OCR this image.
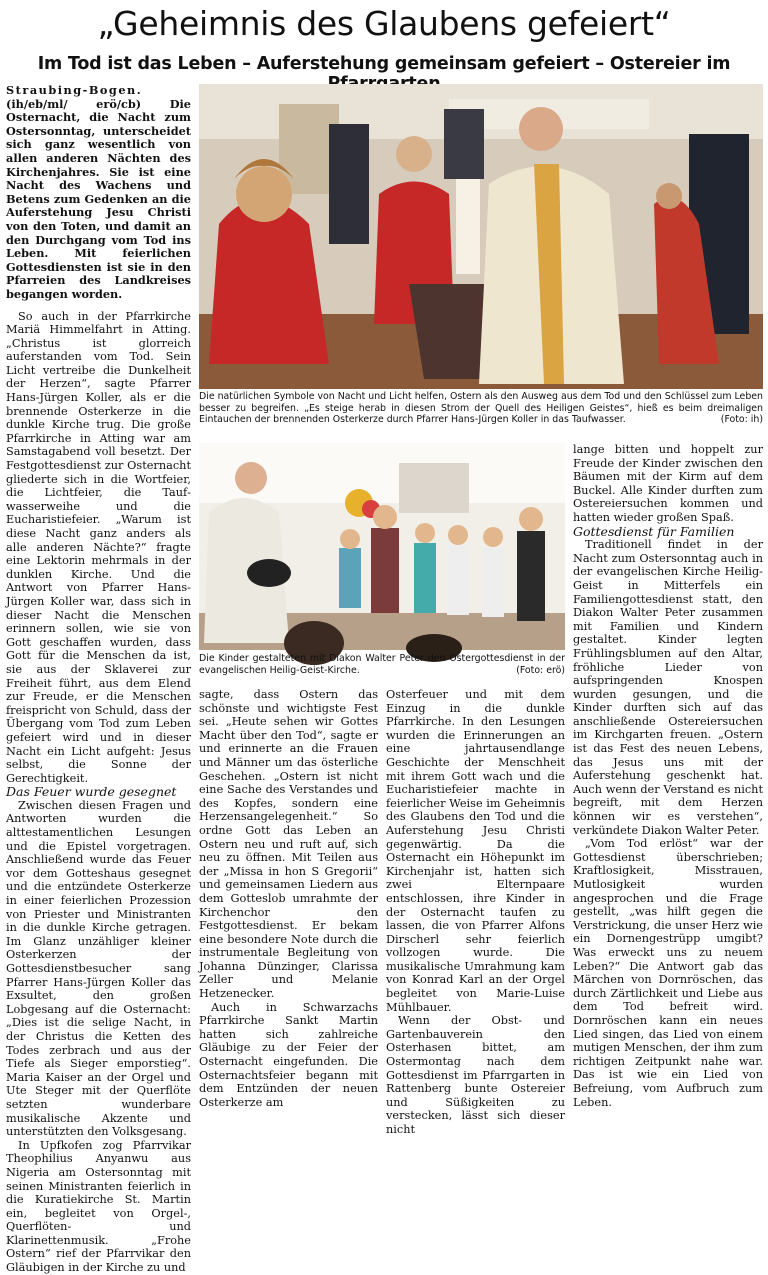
„Geheimnis des Glaubens gefeiert“
Im Tod ist das Leben – Auferstehung gemeinsam gefeiert – Ostereier im

Straubing-Bogen. (ih/eb/ml/ erö/cb) Die Osternacht, die Nacht zum Ostersonntag, unterscheidet sich ganz wesentlich von allen anderen Nächten des Kirchenjahres. Sie ist eine Nacht des Wachens und Betens zum Gedenken an die Auferstehung Jesu Christi von den Toten, und damit an den Durchgang vom Tod ins Leben. Mit feierlichen Gottesdiensten ist sie in den Pfarreien des Landkreises begangen worden.

So auch in der Pfarrkirche Mariä Himmelfahrt in Atting. „Christus ist glorreich auferstanden vom Tod. Sein Licht vertreibe die Dunkelheit der Herzen“, sagte Pfarrer Hans-Jürgen Koller, als er die brennende Osterkerze in die dunkle Kirche trug. Die große Pfarrkirche in Atting war am Samstagabend voll besetzt. Der Festgottesdienst zur Osternacht gliederte sich in die Wortfeier, die Lichtfeier, die Taufwasserweihe und die Eucharistiefeier. „Warum ist diese Nacht ganz anders als alle anderen Nächte?“ fragte eine Lektorin mehrmals in der dunklen Kirche. Und die Antwort von Pfarrer Hans-Jürgen Koller war, dass sich in dieser Nacht die Menschen erinnern sollen, wie sie von Gott geschaffen wurden, dass Gott für die Menschen da ist, sie aus der Sklaverei zur Freiheit führt, aus dem Elend zur Freude, er die Menschen freispricht von Schuld, dass der Übergang vom Tod zum Leben gefeiert wird und in dieser Nacht ein Licht aufgeht: Jesus selbst, die Sonne der Gerechtigkeit.

Das Feuer wurde gesegnet

Zwischen diesen Fragen und Antworten wurden die alttestamentlichen Lesungen und die Epistel vorgetragen. Anschließend wurde das Feuer vor dem Gotteshaus gesegnet und die entzündete Osterkerze in einer feierlichen Prozession von Priester und Ministranten in die dunkle Kirche getragen. Im Glanz unzähliger kleiner Osterkerzen der Gottesdienstbesucher sang Pfarrer Hans-Jürgen Koller das Exsultet, den großen Lobgesang auf die Osternacht: „Dies ist die selige Nacht, in der Christus die Ketten des Todes zerbrach und aus der Tiefe als Sieger emporstieg“. Maria Kaiser an der Orgel und Ute Steger mit der Querflöte setzten wunderbare musikalische Akzente und unterstützten den Volksgesang.

In Upfkofen zog Pfarrvikar Theophilius Anyanwu aus Nigeria am Ostersonntag mit seinen Ministranten feierlich in die Kuratiekirche St. Martin ein, begleitet von Orgel-, Querflöten- und Klarinettenmusik. „Frohe Ostern“ rief der Pfarrvikar den Gläubigen in der Kirche zu und

Die natürlichen Symbole von Nacht und Licht helfen, Ostern als den Ausweg aus dem Tod und den Schlüssel zum Leben besser zu begreifen. „Es steige herab in diesen Strom der Quell des Heiligen Geistes“, hieß es beim dreimaligen Eintauchen der brennenden Osterkerze durch Pfarrer Hans-Jürgen Koller in das Taufwasser.	(Foto: ih)
Die Kinder gestalteten mit Diakon Walter Peter den Ostergottesdienst in der evangelischen Heilig-Geist-Kirche.	(Foto: erö)

lange bitten und hoppelt zur Freude der Kinder zwischen den Bäumen mit der Kirm auf dem Buckel. Alle Kinder durften zum Ostereiersuchen kommen und hatten wieder großen Spaß.

Gottesdienst für Familien

Traditionell findet in der Nacht zum Ostersonntag auch in der evangelischen Kirche Heilig-Geist in Mitterfels ein Familiengottesdienst statt, den Diakon Walter Peter zusammen mit Familien und Kindern gestaltet. Kinder legten Frühlingsblumen auf den Altar, fröhliche Lieder von aufspringenden Knospen wurden gesungen, und die Kinder durften sich auf das anschließende Ostereiersuchen im Kirchgarten freuen. „Ostern ist das Fest des neuen Lebens, das Jesus uns mit der Auferstehung geschenkt hat. Auch wenn der Verstand es nicht begreift, mit dem Herzen können wir es verstehen“, verkündete Diakon Walter Peter.

„Vom Tod erlöst“ war der Gottesdienst überschrieben; Kraftlosigkeit, Misstrauen, Mutlosigkeit wurden angesprochen und die Frage gestellt, „was hilft gegen die Verstrickung, die unser Herz wie ein Dornengestrüpp umgibt? Was erweckt uns zu neuem Leben?“ Die Antwort gab das Märchen von Dornröschen, das durch Zärtlichkeit und Liebe aus dem Tod befreit wird. Dornröschen kann ein neues Lied singen, das Lied von einem mutigen Menschen, der ihm zum richtigen Zeitpunkt nahe war. Das ist wie ein Lied von Befreiung, vom Aufbruch zum Leben.

sagte, dass Ostern das schönste und wichtigste Fest sei. „Heute sehen wir Gottes Macht über den Tod“, sagte er und erinnerte an die Frauen und Männer um das österliche Geschehen. „Ostern ist nicht eine Sache des Verstandes und des Kopfes, sondern eine Herzensangelegenheit.“ So ordne Gott das Leben an Ostern neu und ruft auf, sich neu zu öffnen. Mit Teilen aus der „Missa in hon S Gregorii“ und gemeinsamen Liedern aus dem Gotteslob umrahmte der Kirchenchor den Festgottesdienst. Er bekam eine besondere Note durch die instrumentale Begleitung von Johanna Dünzinger, Clarissa Zeller und Melanie Hetzenecker.

Auch in Schwarzachs Pfarrkirche Sankt Martin hatten sich zahlreiche Gläubige zu der Feier der Osternacht eingefunden. Die Osternachtsfeier begann mit dem Entzünden der neuen Osterkerze am

Osterfeuer und mit dem Einzug in die dunkle Pfarrkirche. In den Lesungen wurden die Erinnerungen an eine jahrtausendlange Geschichte der Menschheit mit ihrem Gott wach und die Eucharistiefeier machte in feierlicher Weise im Geheimnis des Glaubens den Tod und die Auferstehung Jesu Christi gegenwärtig. Da die Osternacht ein Höhepunkt im Kirchenjahr ist, hatten sich zwei Elternpaare entschlossen, ihre Kinder in der Osternacht taufen zu lassen, die von Pfarrer Alfons Dirscherl sehr feierlich vollzogen wurde. Die musikalische Umrahmung kam von Konrad Karl an der Orgel begleitet von Marie-Luise Mühlbauer.

Wenn der Obst- und Gartenbauverein den Osterhasen bittet, am Ostermontag nach dem Gottesdienst im Pfarrgarten in Rattenberg bunte Ostereier und Süßigkeiten zu verstecken, lässt sich dieser nicht
